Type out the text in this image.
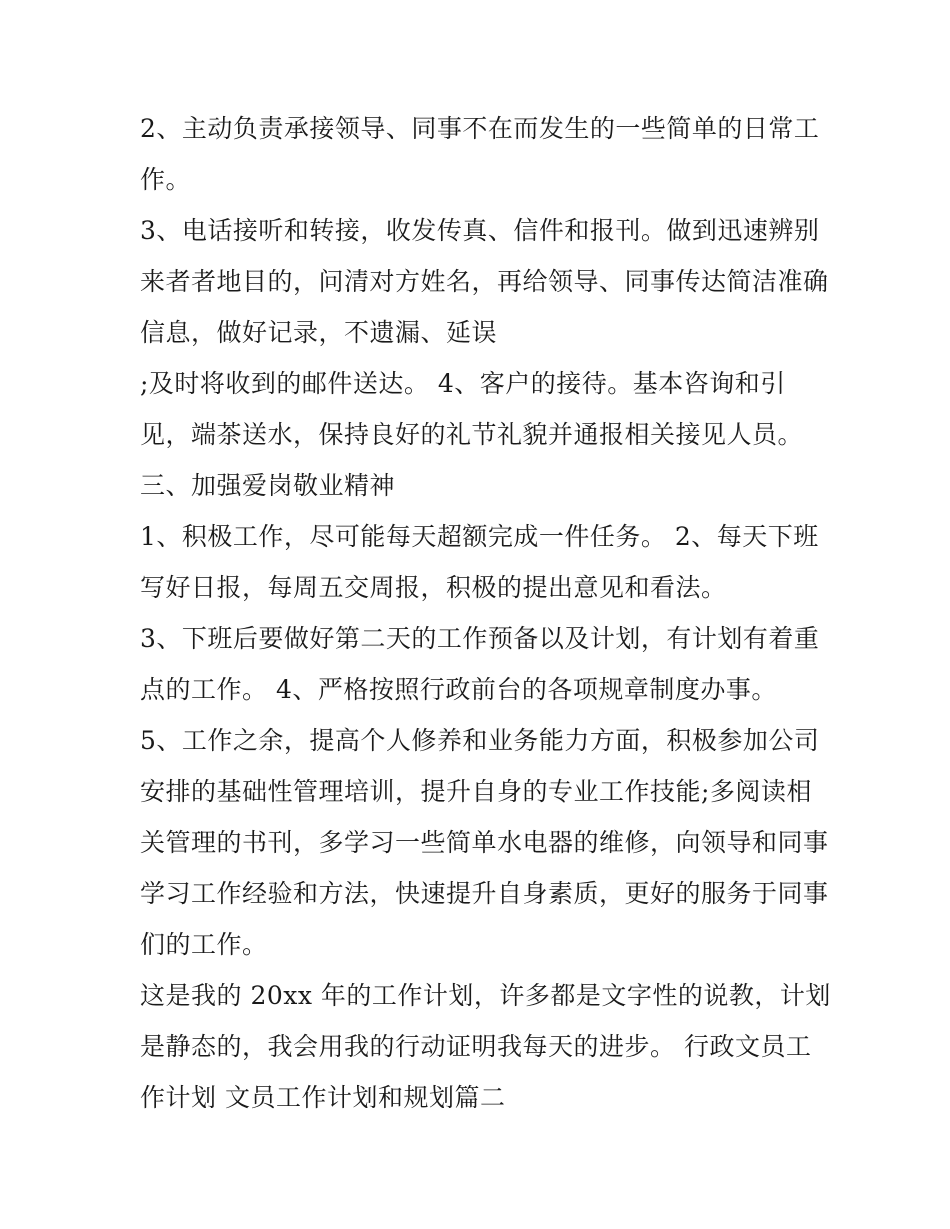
2、主动负责承接领导、同事不在而发生的一些简单的日常工
作。
3、电话接听和转接，收发传真、信件和报刊。做到迅速辨别
来者者地目的，问清对方姓名，再给领导、同事传达简洁准确
信息，做好记录，不遗漏、延误
;及时将收到的邮件送达。 4、客户的接待。基本咨询和引
见，端茶送水，保持良好的礼节礼貌并通报相关接见人员。
三、加强爱岗敬业精神
1、积极工作，尽可能每天超额完成一件任务。 2、每天下班
写好日报，每周五交周报，积极的提出意见和看法。
3、下班后要做好第二天的工作预备以及计划，有计划有着重
点的工作。 4、严格按照行政前台的各项规章制度办事。
5、工作之余，提高个人修养和业务能力方面，积极参加公司
安排的基础性管理培训，提升自身的专业工作技能;多阅读相
关管理的书刊，多学习一些简单水电器的维修，向领导和同事
学习工作经验和方法，快速提升自身素质，更好的服务于同事
们的工作。
这是我的 20xx 年的工作计划，许多都是文字性的说教，计划
是静态的，我会用我的行动证明我每天的进步。 行政文员工
作计划 文员工作计划和规划篇二
